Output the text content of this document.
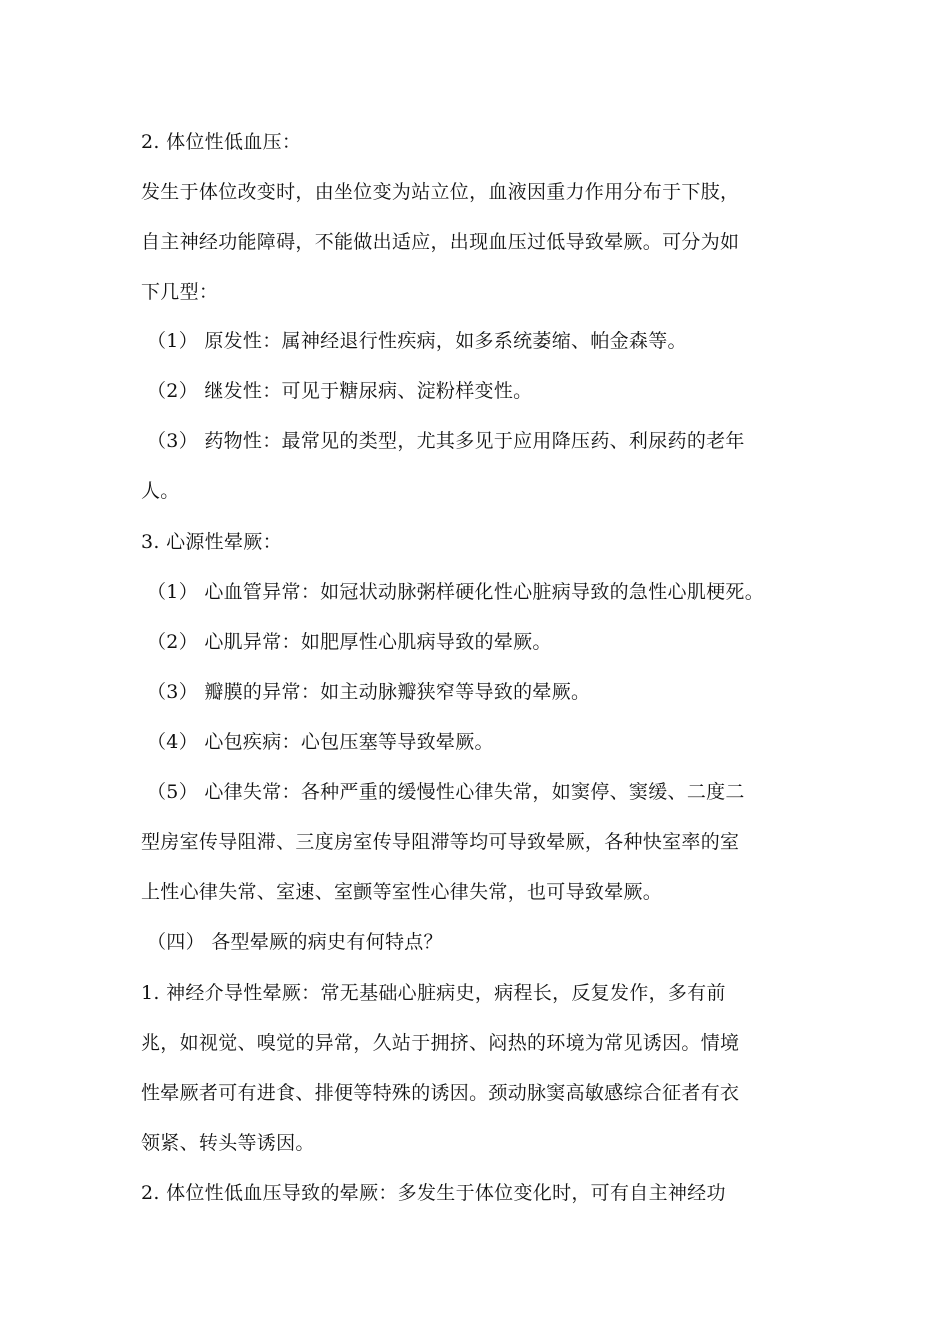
2. 体位性低血压：
发生于体位改变时，由坐位变为站立位，血液因重力作用分布于下肢，
自主神经功能障碍，不能做出适应，出现血压过低导致晕厥。可分为如
下几型：
（1） 原发性：属神经退行性疾病，如多系统萎缩、帕金森等。
（2） 继发性：可见于糖尿病、淀粉样变性。
（3） 药物性：最常见的类型，尤其多见于应用降压药、利尿药的老年
人。
3. 心源性晕厥：
（1） 心血管异常：如冠状动脉粥样硬化性心脏病导致的急性心肌梗死。
（2） 心肌异常：如肥厚性心肌病导致的晕厥。
（3） 瓣膜的异常：如主动脉瓣狭窄等导致的晕厥。
（4） 心包疾病：心包压塞等导致晕厥。
（5） 心律失常：各种严重的缓慢性心律失常，如窦停、窦缓、二度二
型房室传导阻滞、三度房室传导阻滞等均可导致晕厥，各种快室率的室
上性心律失常、室速、室颤等室性心律失常，也可导致晕厥。
（四） 各型晕厥的病史有何特点？
1. 神经介导性晕厥：常无基础心脏病史，病程长，反复发作，多有前
兆，如视觉、嗅觉的异常，久站于拥挤、闷热的环境为常见诱因。情境
性晕厥者可有进食、排便等特殊的诱因。颈动脉窦高敏感综合征者有衣
领紧、转头等诱因。
2. 体位性低血压导致的晕厥：多发生于体位变化时，可有自主神经功
